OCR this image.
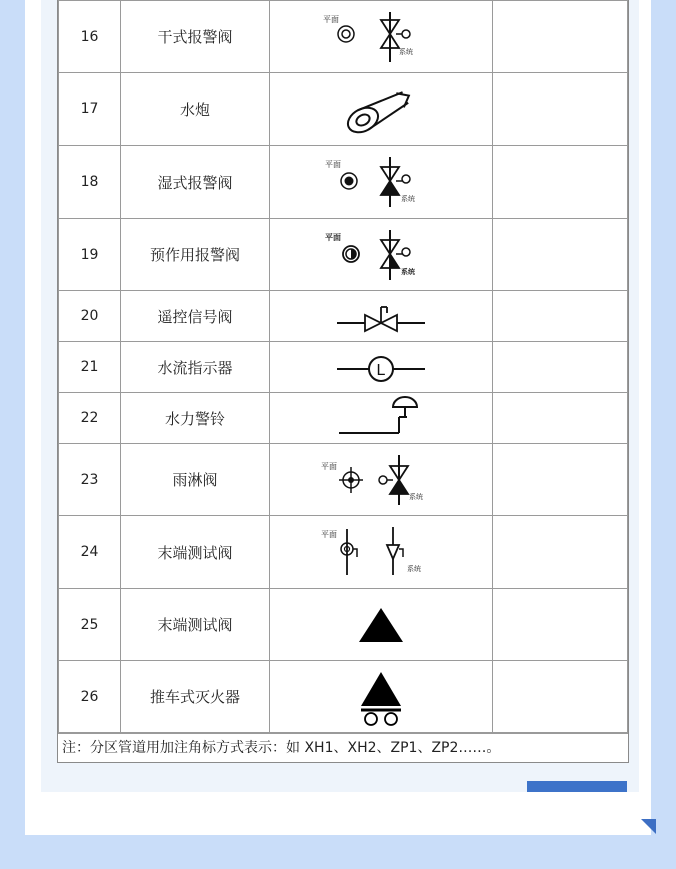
16	干式报警阀	平面
系统	

17	水炮	

18	湿式报警阀	平面
系统	

19	预作用报警阀	平面
系统	

20	遥控信号阀	

21	水流指示器	L	

22	水力警铃	

23	雨淋阀	平面
系统	

24	末端测试阀	平面
系统	

25	末端测试阀	

26	推车式灭火器	

注：分区管道用加注角标方式表示：如 XH1、XH2、ZP1、ZP2……。
